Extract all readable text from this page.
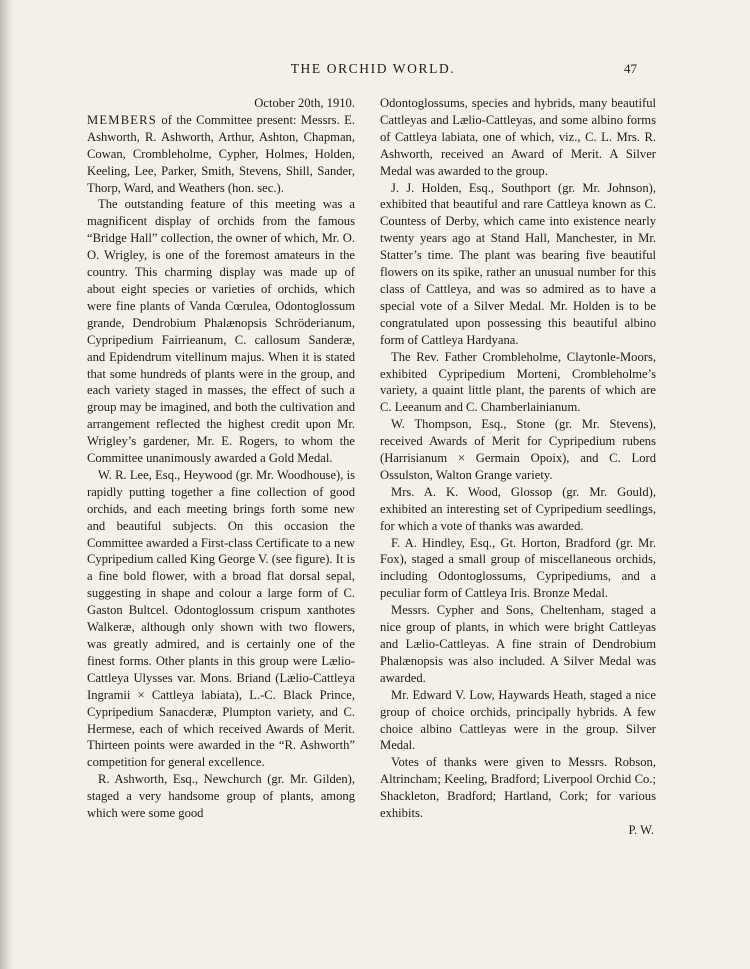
THE ORCHID WORLD.	47

October 20th, 1910.

MEMBERS of the Committee present: Messrs. E. Ashworth, R. Ashworth, Arthur, Ashton, Chapman, Cowan, Crombleholme, Cypher, Holmes, Holden, Keeling, Lee, Parker, Smith, Stevens, Shill, Sander, Thorp, Ward, and Weathers (hon. sec.).

The outstanding feature of this meeting was a magnificent display of orchids from the famous “Bridge Hall” collection, the owner of which, Mr. O. O. Wrigley, is one of the foremost amateurs in the country. This charming display was made up of about eight species or varieties of orchids, which were fine plants of Vanda Cœrulea, Odontoglossum grande, Dendrobium Phalænopsis Schröderianum, Cypripedium Fairrieanum, C. callosum Sanderæ, and Epidendrum vitellinum majus. When it is stated that some hundreds of plants were in the group, and each variety staged in masses, the effect of such a group may be imagined, and both the cultivation and arrangement reflected the highest credit upon Mr. Wrigley’s gardener, Mr. E. Rogers, to whom the Committee unanimously awarded a Gold Medal.

W. R. Lee, Esq., Heywood (gr. Mr. Woodhouse), is rapidly putting together a fine collection of good orchids, and each meeting brings forth some new and beautiful subjects. On this occasion the Committee awarded a First-class Certificate to a new Cypripedium called King George V. (see figure). It is a fine bold flower, with a broad flat dorsal sepal, suggesting in shape and colour a large form of C. Gaston Bultcel. Odontoglossum crispum xanthotes Walkeræ, although only shown with two flowers, was greatly admired, and is certainly one of the finest forms. Other plants in this group were Lælio-Cattleya Ulysses var. Mons. Briand (Lælio-Cattleya Ingramii × Cattleya labiata), L.-C. Black Prince, Cypripedium Sanacderæ, Plumpton variety, and C. Hermese, each of which received Awards of Merit. Thirteen points were awarded in the “R. Ashworth” competition for general excellence.

R. Ashworth, Esq., Newchurch (gr. Mr. Gilden), staged a very handsome group of plants, among which were some good

Odontoglossums, species and hybrids, many beautiful Cattleyas and Lælio-Cattleyas, and some albino forms of Cattleya labiata, one of which, viz., C. L. Mrs. R. Ashworth, received an Award of Merit. A Silver Medal was awarded to the group.

J. J. Holden, Esq., Southport (gr. Mr. Johnson), exhibited that beautiful and rare Cattleya known as C. Countess of Derby, which came into existence nearly twenty years ago at Stand Hall, Manchester, in Mr. Statter’s time. The plant was bearing five beautiful flowers on its spike, rather an unusual number for this class of Cattleya, and was so admired as to have a special vote of a Silver Medal. Mr. Holden is to be congratulated upon possessing this beautiful albino form of Cattleya Hardyana.

The Rev. Father Crombleholme, Claytonle-Moors, exhibited Cypripedium Morteni, Crombleholme’s variety, a quaint little plant, the parents of which are C. Leeanum and C. Chamberlainianum.

W. Thompson, Esq., Stone (gr. Mr. Stevens), received Awards of Merit for Cypripedium rubens (Harrisianum × Germain Opoix), and C. Lord Ossulston, Walton Grange variety.

Mrs. A. K. Wood, Glossop (gr. Mr. Gould), exhibited an interesting set of Cypripedium seedlings, for which a vote of thanks was awarded.

F. A. Hindley, Esq., Gt. Horton, Bradford (gr. Mr. Fox), staged a small group of miscellaneous orchids, including Odontoglossums, Cypripediums, and a peculiar form of Cattleya Iris. Bronze Medal.

Messrs. Cypher and Sons, Cheltenham, staged a nice group of plants, in which were bright Cattleyas and Lælio-Cattleyas. A fine strain of Dendrobium Phalænopsis was also included. A Silver Medal was awarded.

Mr. Edward V. Low, Haywards Heath, staged a nice group of choice orchids, principally hybrids. A few choice albino Cattleyas were in the group. Silver Medal.

Votes of thanks were given to Messrs. Robson, Altrincham; Keeling, Bradford; Liverpool Orchid Co.; Shackleton, Bradford; Hartland, Cork; for various exhibits.

P. W.
